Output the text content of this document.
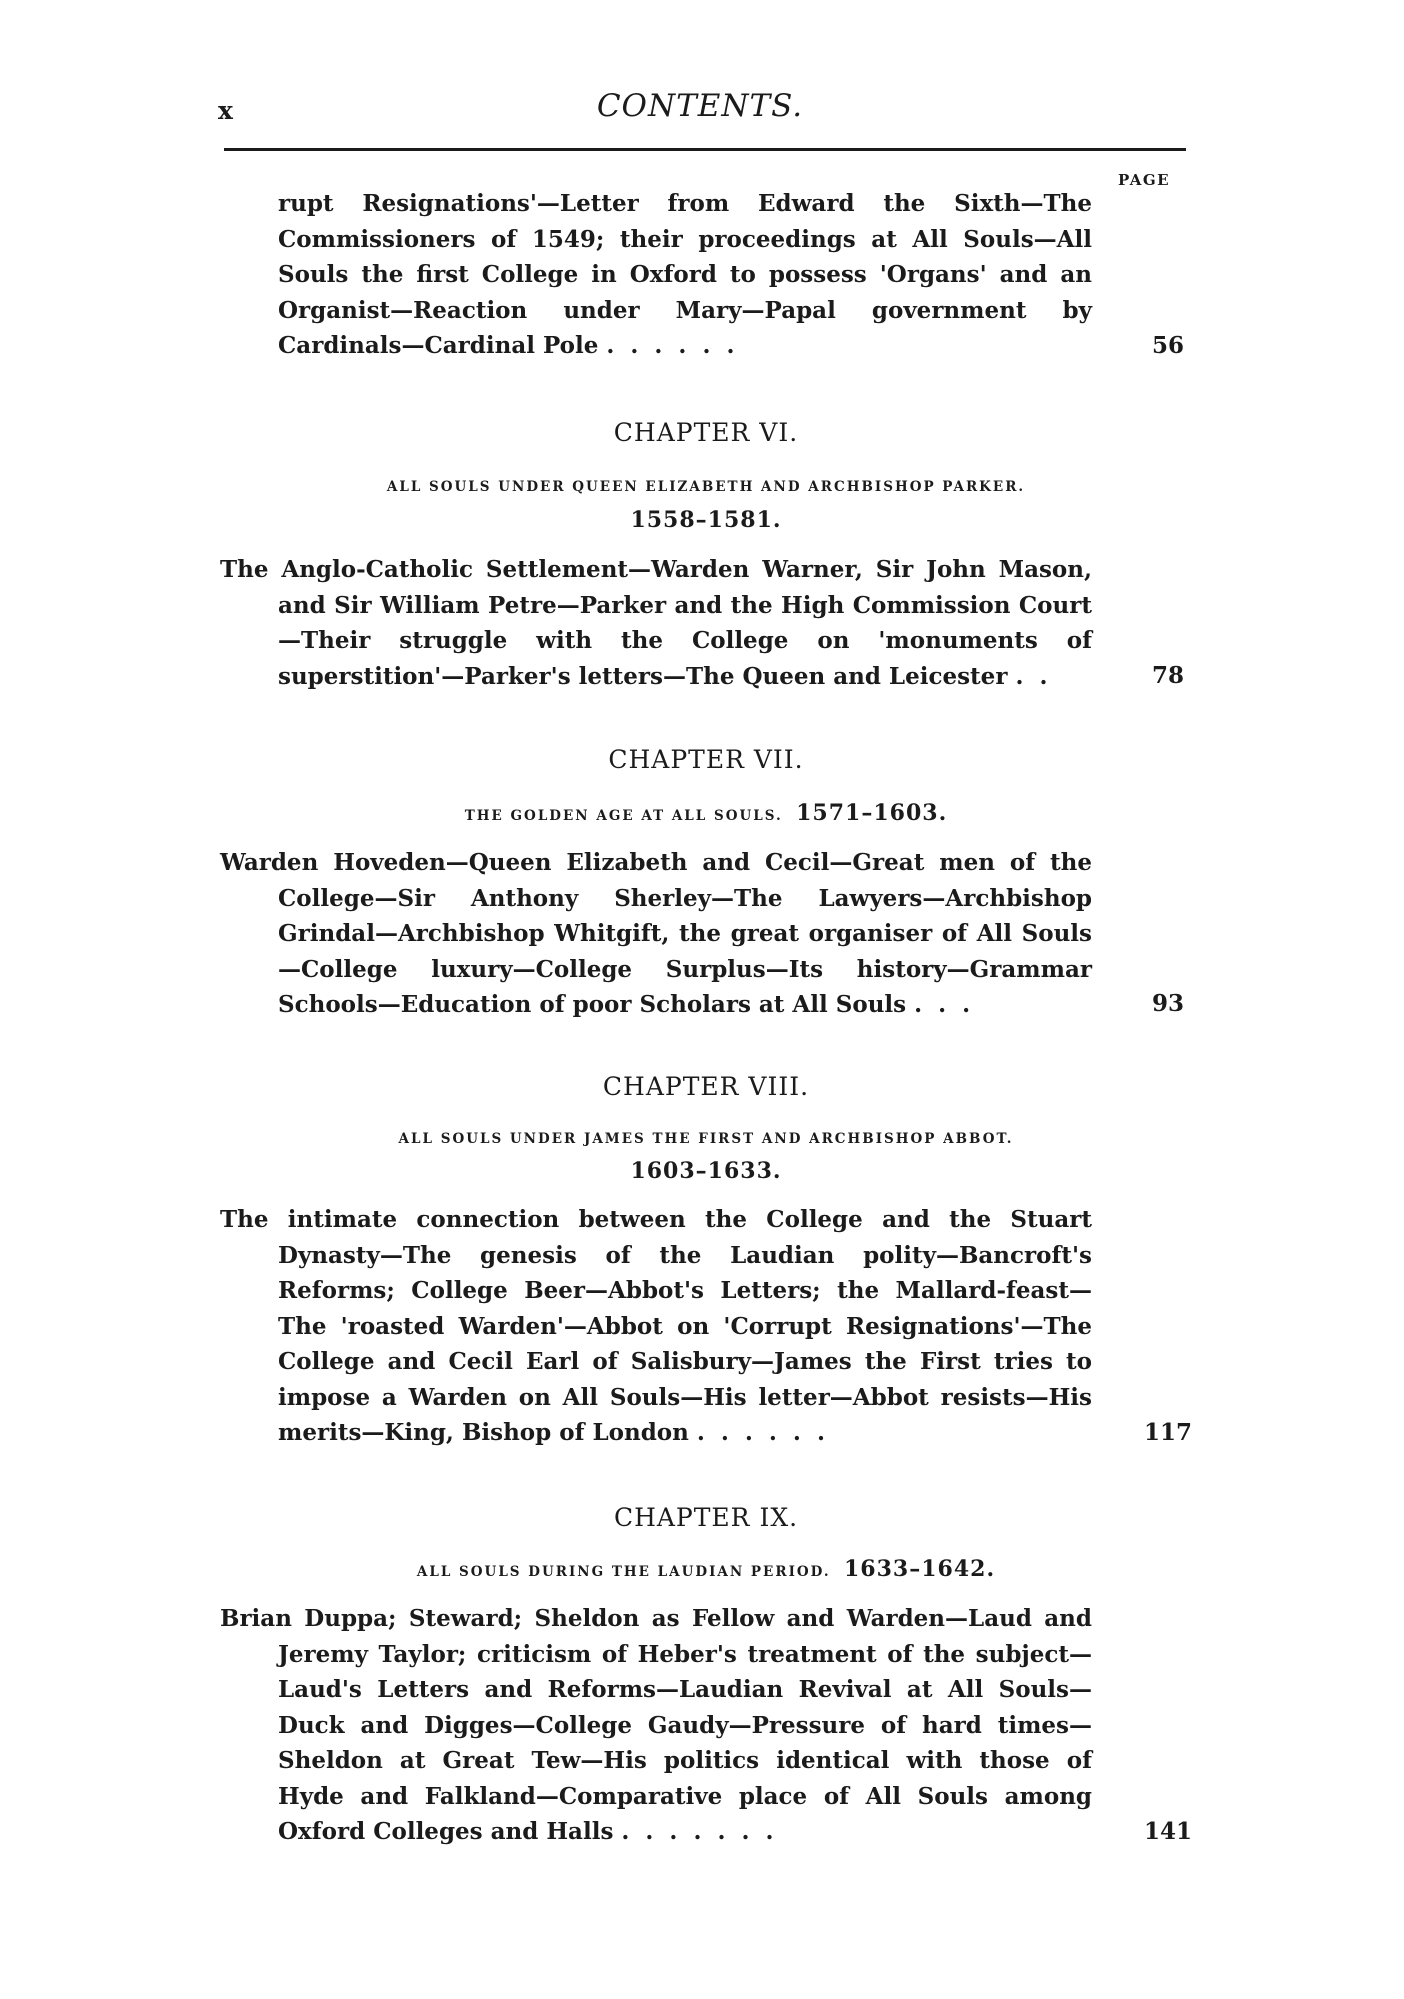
x	CONTENTS.
PAGE

rupt Resignations'—Letter from Edward the Sixth—The Commissioners of 1549; their proceedings at All Souls—All Souls the first College in Oxford to possess 'Organs' and an Organist—Reaction under Mary—Papal government by Cardinals—Cardinal Pole . . . . . .	56
CHAPTER VI.
ALL SOULS UNDER QUEEN ELIZABETH AND ARCHBISHOP PARKER.
1558–1581.

The Anglo-Catholic Settlement—Warden Warner, Sir John Mason, and Sir William Petre—Parker and the High Commission Court—Their struggle with the College on 'monuments of superstition'—Parker's letters—The Queen and Leicester . .	78
CHAPTER VII.
THE GOLDEN AGE AT ALL SOULS. 1571–1603.

Warden Hoveden—Queen Elizabeth and Cecil—Great men of the College—Sir Anthony Sherley—The Lawyers—Archbishop Grindal—Archbishop Whitgift, the great organiser of All Souls—College luxury—College Surplus—Its history—Grammar Schools—Education of poor Scholars at All Souls . . .	93
CHAPTER VIII.
ALL SOULS UNDER JAMES THE FIRST AND ARCHBISHOP ABBOT.
1603–1633.

The intimate connection between the College and the Stuart Dynasty—The genesis of the Laudian polity—Bancroft's Reforms; College Beer—Abbot's Letters; the Mallard-feast—The 'roasted Warden'—Abbot on 'Corrupt Resignations'—The College and Cecil Earl of Salisbury—James the First tries to impose a Warden on All Souls—His letter—Abbot resists—His merits—King, Bishop of London . . . . . .	117
CHAPTER IX.
ALL SOULS DURING THE LAUDIAN PERIOD. 1633–1642.

Brian Duppa; Steward; Sheldon as Fellow and Warden—Laud and Jeremy Taylor; criticism of Heber's treatment of the subject—Laud's Letters and Reforms—Laudian Revival at All Souls—Duck and Digges—College Gaudy—Pressure of hard times—Sheldon at Great Tew—His politics identical with those of Hyde and Falkland—Comparative place of All Souls among Oxford Colleges and Halls . . . . . . .	141
